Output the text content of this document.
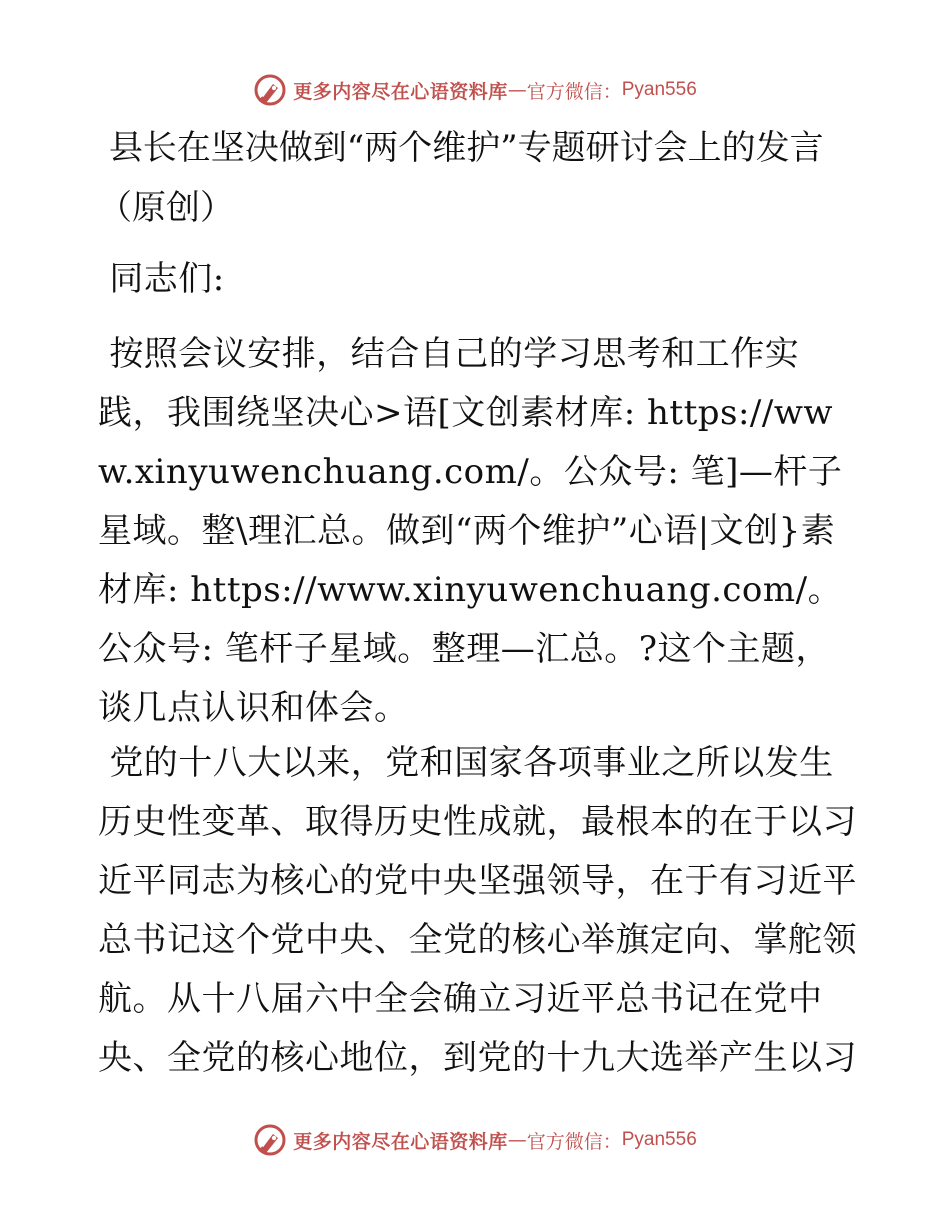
更多内容尽在心语资料库 — 官方微信： Pyan556
县长在坚决做到“两个维护”专题研讨会上的发言（原创）
同志们:
按照会议安排，结合自己的学习思考和工作实践，我围绕坚决心>语[文创素材库: https://www.xinyuwenchuang.com/。公众号: 笔]—杆子星域。整\理汇总。做到“两个维护”心语|文创}素材库: https://www.xinyuwenchuang.com/。公众号: 笔杆子星域。整理—汇总。?这个主题，谈几点认识和体会。
党的十八大以来，党和国家各项事业之所以发生历史性变革、取得历史性成就，最根本的在于以习近平同志为核心的党中央坚强领导，在于有习近平总书记这个党中央、全党的核心举旗定向、掌舵领航。从十八届六中全会确立习近平总书记在党中央、全党的核心地位，到党的十九大选举产生以习
更多内容尽在心语资料库 — 官方微信： Pyan556
